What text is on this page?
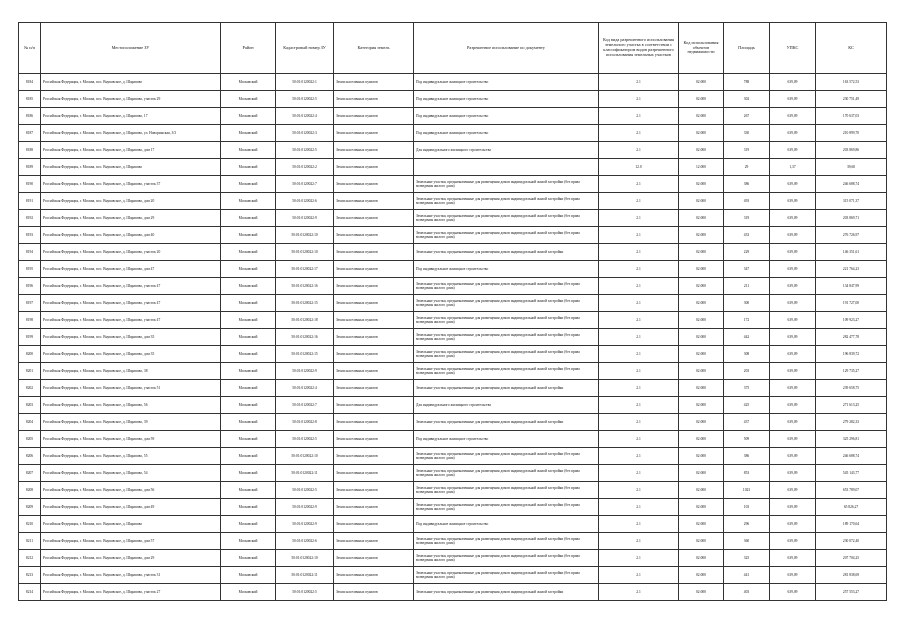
№ п/п	Местоположение ЗУ	Район	Кадастровый номер ЗУ	Категория земель	Разрешенное использование по документу	Код вида разрешенного использования земельного участка в соответствии с классификатором видов разрешенного использования земельных участков	Код использования объектов недвижимости	Площадь	УПКС	КС
8184	Российская Федерация, г. Москва, пос. Внуковское, д. Шарапово	Московский	50:01:0120022:1	Земли населенных пунктов	Под индивидуальное жилищное строительство	2.1	02:000	788	639,09	163 572,53
8185	Российская Федерация, г. Москва, пос. Внуковское, д. Шарапово, участок 29	Московский	50:01:0120022:5	Земли населенных пунктов	Под индивидуальное жилищное строительство	2.1	02:000	302	639,09	230 751,49
8186	Российская Федерация, г. Москва, пос. Внуковское, д. Шарапово, 17	Московский	50:01:0120022:4	Земли населенных пунктов	Под индивидуальное жилищное строительство	2.1	02:000	267	639,09	170 637,03
8187	Российская Федерация, г. Москва, пос. Внуковское, д. Шарапово, ул. Новорижская, 3/3	Московский	50:01:0120022:3	Земли населенных пунктов	Под индивидуальное жилищное строительство	2.1	02:000	330	639,09	210 899,70
8188	Российская Федерация, г. Москва, пос. Внуковское, д. Шарапово, дом 17	Московский	50:01:0120022:5	Земли населенных пунктов	Для индивидуального жилищного строительства	2.1	02:000	319	639,09	203 869,86
8189	Российская Федерация, г. Москва, пос. Внуковское, д. Шарапово	Московский	50:01:0120022:2	Земли населенных пунктов		12.0	12:000	29	1,37	39,60
8190	Российская Федерация, г. Москва, пос. Внуковское, д. Шарапово, участок 37	Московский	50:01:0120022:7	Земли населенных пунктов	Земельные участки, предназначенные для размещения домов индивидуальной жилой застройки (без права возведения жилого дома)	2.1	02:000	386	639,09	246 688,74
8191	Российская Федерация, г. Москва, пос. Внуковское, д. Шарапово, дом 20	Московский	50:01:0120022:6	Земли населенных пунктов	Земельные участки, предназначенные для размещения домов индивидуальной жилой застройки (без права возведения жилого дома)	2.1	02:000	493	639,09	315 071,37
8192	Российская Федерация, г. Москва, пос. Внуковское, д. Шарапово, дом 29	Московский	50:01:0120022:9	Земли населенных пунктов	Земельные участки, предназначенные для размещения домов индивидуальной жилой застройки (без права возведения жилого дома)	2.1	02:000	319	639,09	203 869,71
8193	Российская Федерация, г. Москва, пос. Внуковское, д. Шарапово, дом 40	Московский	50:01:0120022:10	Земли населенных пунктов	Земельные участки, предназначенные для размещения домов индивидуальной жилой застройки (без права возведения жилого дома)	2.1	02:000	433	639,09	276 726,97
8194	Российская Федерация, г. Москва, пос. Внуковское, д. Шарапово, участок 20	Московский	50:01:0120022:10	Земли населенных пунктов	Земельные участки, предназначенные для размещения домов индивидуальной жилой застройки	2.1	02:000	229	639,09	146 351,61
8195	Российская Федерация, г. Москва, пос. Внуковское, д. Шарапово, дом 47	Московский	50:01:0120022:17	Земли населенных пунктов	Под индивидуальное жилищное строительство	2.1	02:000	347	639,09	221 764,23
8196	Российская Федерация, г. Москва, пос. Внуковское, д. Шарапово, участок 47	Московский	50:01:0120022:16	Земли населенных пунктов	Земельные участки, предназначенные для размещения домов индивидуальной жилой застройки (без права возведения жилого дома)	2.1	02:000	211	639,09	134 847,99
8197	Российская Федерация, г. Москва, пос. Внуковское, д. Шарапово, участок 47	Московский	50:01:0120022:15	Земли населенных пунктов	Земельные участки, предназначенные для размещения домов индивидуальной жилой застройки (без права возведения жилого дома)	2.1	02:000	300	639,09	191 727,00
8198	Российская Федерация, г. Москва, пос. Внуковское, д. Шарапово, участок 47	Московский	50:01:0120022:18	Земли населенных пунктов	Земельные участки, предназначенные для размещения домов индивидуальной жилой застройки (без права возведения жилого дома)	2.1	02:000	172	639,09	109 923,27
8199	Российская Федерация, г. Москва, пос. Внуковское, д. Шарапово, дом 35	Московский	50:01:0120022:16	Земли населенных пунктов	Земельные участки, предназначенные для размещения домов индивидуальной жилой застройки (без права возведения жилого дома)	2.1	02:000	442	639,09	282 477,78
8200	Российская Федерация, г. Москва, пос. Внуковское, д. Шарапово, дом 35	Московский	50:01:0120022:15	Земли населенных пунктов	Земельные участки, предназначенные для размещения домов индивидуальной жилой застройки (без права возведения жилого дома)	2.1	02:000	308	639,09	196 839,72
8201	Российская Федерация, г. Москва, пос. Внуковское, д. Шарапово, 38	Московский	50:01:0120022:9	Земли населенных пунктов	Земельные участки, предназначенные для размещения домов индивидуальной жилой застройки (без права возведения жилого дома)	2.1	02:000	203	639,09	129 735,27
8202	Российская Федерация, г. Москва, пос. Внуковское, д. Шарапово, участок 51	Московский	50:01:0120022:4	Земли населенных пунктов	Земельные участки, предназначенные для размещения домов индивидуальной жилой застройки	2.1	02:000	375	639,09	239 658,75
8203	Российская Федерация, г. Москва, пос. Внуковское, д. Шарапово, 56	Московский	50:01:0120022:7	Земли населенных пунктов	Для индивидуального жилищного строительства	2.1	02:000	425	639,09	271 613,25
8204	Российская Федерация, г. Москва, пос. Внуковское, д. Шарапово, 39	Московский	50:01:0120022:8	Земли населенных пунктов	Земельные участки, предназначенные для размещения домов индивидуальной жилой застройки	2.1	02:000	437	639,09	279 282,33
8205	Российская Федерация, г. Москва, пос. Внуковское, д. Шарапово, дом 59	Московский	50:01:0120022:5	Земли населенных пунктов	Под индивидуальное жилищное строительство	2.1	02:000	509	639,09	325 296,81
8206	Российская Федерация, г. Москва, пос. Внуковское, д. Шарапово, 55	Московский	50:01:0120022:10	Земли населенных пунктов	Земельные участки, предназначенные для размещения домов индивидуальной жилой застройки (без права возведения жилого дома)	2.1	02:000	386	639,09	246 688,74
8207	Российская Федерация, г. Москва, пос. Внуковское, д. Шарапово, 54	Московский	50:01:0120022:11	Земли населенных пунктов	Земельные участки, предназначенные для размещения домов индивидуальной жилой застройки (без права возведения жилого дома)	2.1	02:000	853	639,09	545 143,77
8208	Российская Федерация, г. Москва, пос. Внуковское, д. Шарапово, дом 56	Московский	50:01:0120022:5	Земли населенных пунктов	Земельные участки, предназначенные для размещения домов индивидуальной жилой застройки (без права возведения жилого дома)	2.1	02:000	1023	639,09	653 789,07
8209	Российская Федерация, г. Москва, пос. Внуковское, д. Шарапово, дом 49	Московский	50:01:0120022:9	Земли населенных пунктов	Земельные участки, предназначенные для размещения домов индивидуальной жилой застройки (без права возведения жилого дома)	2.1	02:000	103	639,09	65 826,27
8210	Российская Федерация, г. Москва, пос. Внуковское, д. Шарапово	Московский	50:01:0120022:9	Земли населенных пунктов	Под индивидуальное жилищное строительство	2.1	02:000	296	639,09	189 170,64
8211	Российская Федерация, г. Москва, пос. Внуковское, д. Шарапово, дом 57	Московский	50:01:0120022:6	Земли населенных пунктов	Земельные участки, предназначенные для размещения домов индивидуальной жилой застройки (без права возведения жилого дома)	2.1	02:000	360	639,09	230 072,40
8212	Российская Федерация, г. Москва, пос. Внуковское, д. Шарапово, дом 29	Московский	50:01:0120022:10	Земли населенных пунктов	Земельные участки, предназначенные для размещения домов индивидуальной жилой застройки (без права возведения жилого дома)	2.1	02:000	325	639,09	207 704,25
8213	Российская Федерация, г. Москва, пос. Внуковское, д. Шарапово, участок 31	Московский	50:01:0120022:11	Земли населенных пунктов	Земельные участки, предназначенные для размещения домов индивидуальной жилой застройки (без права возведения жилого дома)	2.1	02:000	441	639,09	281 838,69
8214	Российская Федерация, г. Москва, пос. Внуковское, д. Шарапово, участок 27	Московский	50:01:0120022:5	Земли населенных пунктов	Земельные участки, предназначенные для размещения домов индивидуальной жилой застройки	2.1	02:000	403	639,09	257 553,27
